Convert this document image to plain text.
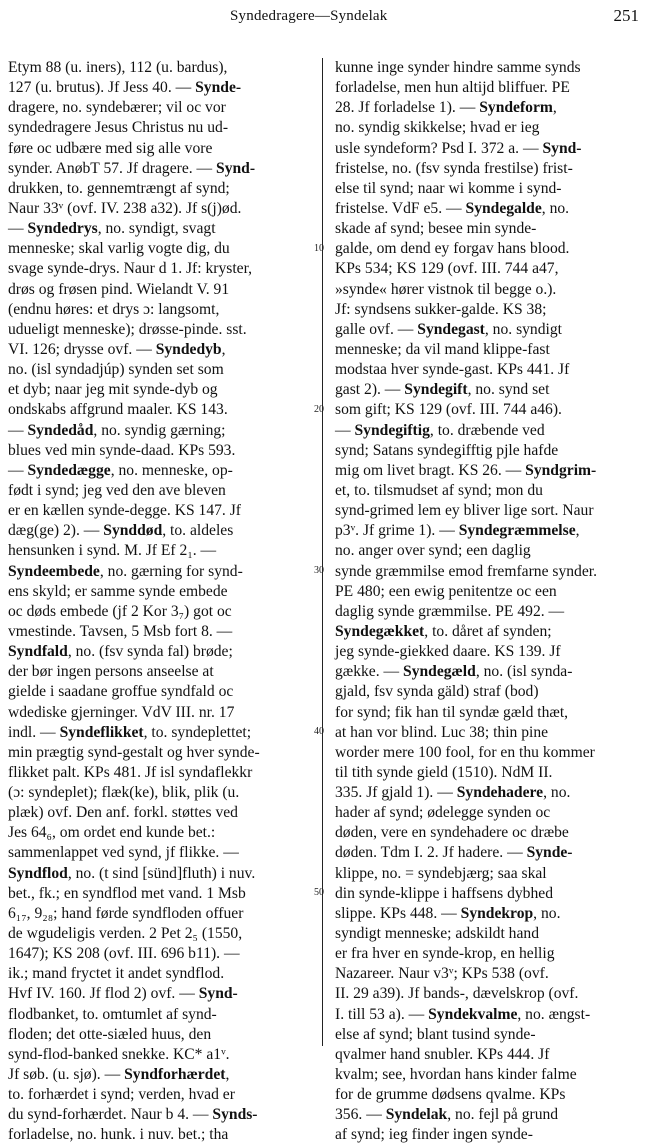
Syndedragere—Syndelak	251
Etym 88 (u. iners), 112 (u. bardus),
127 (u. brutus). Jf Jess 40. — Synde-
dragere, no. syndebærer; vil oc vor
syndedragere Jesus Christus nu ud-
føre oc udbære med sig alle vore
synder. AnøbT 57. Jf dragere. — Synd-
drukken, to. gennemtrængt af synd;
Naur 33ᵛ (ovf. IV. 238 a32). Jf s(j)ød.
— Syndedrys, no. syndigt, svagt
menneske; skal varlig vogte dig, du
svage synde-drys. Naur d 1. Jf: kryster,
drøs og frøsen pind. Wielandt V. 91
(endnu høres: et drys ɔ: langsomt,
udueligt menneske); drøsse-pinde. sst.
VI. 126; drysse ovf. — Syndedyb,
no. (isl syndadjúp) synden set som
et dyb; naar jeg mit synde-dyb og
ondskabs affgrund maaler. KS 143.
— Syndedåd, no. syndig gærning;
blues ved min synde-daad. KPs 593.
— Syndedægge, no. menneske, op-
født i synd; jeg ved den ave bleven
er en kællen synde-degge. KS 147. Jf
dæg(ge) 2). — Synddød, to. aldeles
hensunken i synd. M. Jf Ef 2₁. —
Syndeembede, no. gærning for synd-
ens skyld; er samme synde embede
oc døds embede (jf 2 Kor 3₇) got oc
vmestinde. Tavsen, 5 Msb fort 8. —
Syndfald, no. (fsv synda fal) brøde;
der bør ingen persons anseelse at
gielde i saadane groffue syndfald oc
wdediske gjerninger. VdV III. nr. 17
indl. — Syndeflikket, to. syndeplettet;
min prægtig synd-gestalt og hver synde-
flikket palt. KPs 481. Jf isl syndaflekkr
(ɔ: syndeplet); flæk(ke), blik, plik (u.
plæk) ovf. Den anf. forkl. støttes ved
Jes 64₆, om ordet end kunde bet.:
sammenlappet ved synd, jf flikke. —
Syndflod, no. (t sind [sünd]fluth) i nuv.
bet., fk.; en syndflod met vand. 1 Msb
6₁₇, 9₂₈; hand førde syndfloden offuer
de wgudeligis verden. 2 Pet 2₅ (1550,
1647); KS 208 (ovf. III. 696 b11). —
ik.; mand fryctet it andet syndflod.
Hvf IV. 160. Jf flod 2) ovf. — Synd-
flodbanket, to. omtumlet af synd-
floden; det otte-siæled huus, den
synd-flod-banked snekke. KC* a1ᵛ.
Jf søb. (u. sjø). — Syndforhærdet,
to. forhærdet i synd; verden, hvad er
du synd-forhærdet. Naur b 4. — Synds-
forladelse, no. hunk. i nuv. bet.; tha
kunne inge synder hindre samme synds
forladelse, men hun altijd bliffuer. PE
28. Jf forladelse 1). — Syndeform,
no. syndig skikkelse; hvad er ieg
usle syndeform? Psd I. 372 a. — Synd-
fristelse, no. (fsv synda frestilse) frist-
else til synd; naar wi komme i synd-
fristelse. VdF e5. — Syndegalde, no.
skade af synd; besee min synde-
galde, om dend ey forgav hans blood.
KPs 534; KS 129 (ovf. III. 744 a47,
»synde« hører vistnok til begge o.).
Jf: syndsens sukker-galde. KS 38;
galle ovf. — Syndegast, no. syndigt
menneske; da vil mand klippe-fast
modstaa hver synde-gast. KPs 441. Jf
gast 2). — Syndegift, no. synd set
som gift; KS 129 (ovf. III. 744 a46).
— Syndegiftig, to. dræbende ved
synd; Satans syndegifftig pjle hafde
mig om livet bragt. KS 26. — Syndgrim-
et, to. tilsmudset af synd; mon du
synd-grimed lem ey bliver lige sort. Naur
p3ᵛ. Jf grime 1). — Syndegræmmelse,
no. anger over synd; een daglig
synde græmmilse emod fremfarne synder.
PE 480; een ewig penitentze oc een
daglig synde græmmilse. PE 492. —
Syndegækket, to. dåret af synden;
jeg synde-giekked daare. KS 139. Jf
gække. — Syndegæld, no. (isl synda-
gjald, fsv synda gäld) straf (bod)
for synd; fik han til syndæ gæld thæt,
at han vor blind. Luc 38; thin pine
worder mere 100 fool, for en thu kommer
til tith synde gield (1510). NdM II.
335. Jf gjald 1). — Syndehadere, no.
hader af synd; ødelegge synden oc
døden, vere en syndehadere oc dræbe
døden. Tdm I. 2. Jf hadere. — Synde-
klippe, no. = syndebjærg; saa skal
din synde-klippe i haffsens dybhed
slippe. KPs 448. — Syndekrop, no.
syndigt menneske; adskildt hand
er fra hver en synde-krop, en hellig
Nazareer. Naur v3ᵛ; KPs 538 (ovf.
II. 29 a39). Jf bands-, dævelskrop (ovf.
I. till 53 a). — Syndekvalme, no. ængst-
else af synd; blant tusind synde-
qvalmer hand snubler. KPs 444. Jf
kvalm; see, hvordan hans kinder falme
for de grumme dødsens qvalme. KPs
356. — Syndelak, no. fejl på grund
af synd; ieg finder ingen synde-
10
20
30
40
50
